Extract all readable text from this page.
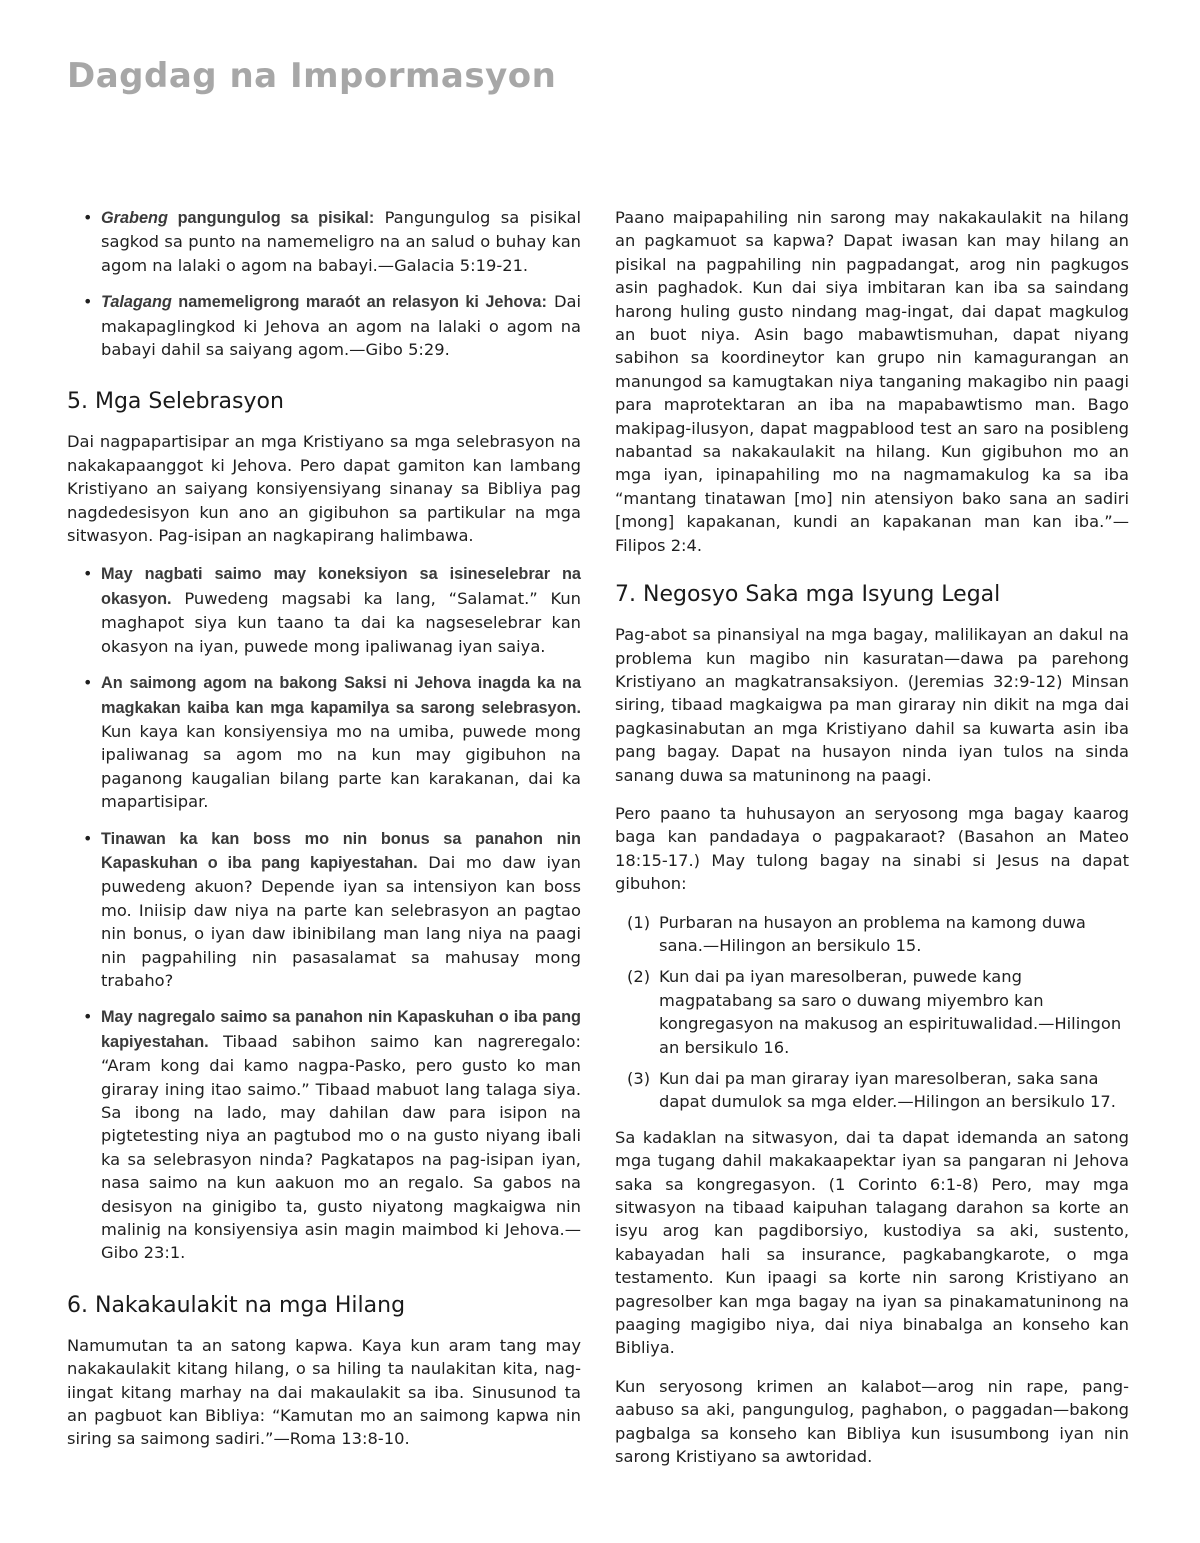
Dagdag na Impormasyon
• Grabeng pangungulog sa pisikal: Pangungulog sa pisikal sagkod sa punto na namemeligro na an salud o buhay kan agom na lalaki o agom na babayi.—Galacia 5:19-21.
• Talagang namemeligrong maraót an relasyon ki Jehova: Dai makapaglingkod ki Jehova an agom na lalaki o agom na babayi dahil sa saiyang agom.—Gibo 5:29.
5. Mga Selebrasyon

Dai nagpapartisipar an mga Kristiyano sa mga selebrasyon na nakakapaanggot ki Jehova. Pero dapat gamiton kan lambang Kristiyano an saiyang konsiyensiyang sinanay sa Bibliya pag nagdedesisyon kun ano an gigibuhon sa partikular na mga sitwasyon. Pag-isipan an nagkapirang halimbawa.

• May nagbati saimo may koneksiyon sa isineselebrar na okasyon. Puwedeng magsabi ka lang, “Salamat.” Kun maghapot siya kun taano ta dai ka nagseselebrar kan okasyon na iyan, puwede mong ipaliwanag iyan saiya.
• An saimong agom na bakong Saksi ni Jehova inagda ka na magkakan kaiba kan mga kapamilya sa sarong selebrasyon. Kun kaya kan konsiyensiya mo na umiba, puwede mong ipaliwanag sa agom mo na kun may gigibuhon na paganong kaugalian bilang parte kan karakanan, dai ka mapartisipar.
• Tinawan ka kan boss mo nin bonus sa panahon nin Kapaskuhan o iba pang kapiyestahan. Dai mo daw iyan puwedeng akuon? Depende iyan sa intensiyon kan boss mo. Iniisip daw niya na parte kan selebrasyon an pagtao nin bonus, o iyan daw ibinibilang man lang niya na paagi nin pagpahiling nin pasasalamat sa mahusay mong trabaho?
• May nagregalo saimo sa panahon nin Kapaskuhan o iba pang kapiyestahan. Tibaad sabihon saimo kan nagreregalo: “Aram kong dai kamo nagpa-Pasko, pero gusto ko man giraray ining itao saimo.” Tibaad mabuot lang talaga siya. Sa ibong na lado, may dahilan daw para isipon na pigtetesting niya an pagtubod mo o na gusto niyang ibali ka sa selebrasyon ninda? Pagkatapos na pag-isipan iyan, nasa saimo na kun aakuon mo an regalo. Sa gabos na desisyon na ginigibo ta, gusto niyatong magkaigwa nin malinig na konsiyensiya asin magin maimbod ki Jehova.—Gibo 23:1.
6. Nakakaulakit na mga Hilang

Namumutan ta an satong kapwa. Kaya kun aram tang may nakakaulakit kitang hilang, o sa hiling ta naulakitan kita, nag-iingat kitang marhay na dai makaulakit sa iba. Sinusunod ta an pagbuot kan Bibliya: “Kamutan mo an saimong kapwa nin siring sa saimong sadiri.”—Roma 13:8-10.

Paano maipapahiling nin sarong may nakakaulakit na hilang an pagkamuot sa kapwa? Dapat iwasan kan may hilang an pisikal na pagpahiling nin pagpadangat, arog nin pagkugos asin paghadok. Kun dai siya imbitaran kan iba sa saindang harong huling gusto nindang mag-ingat, dai dapat magkulog an buot niya. Asin bago mabawtismuhan, dapat niyang sabihon sa koordineytor kan grupo nin kamagurangan an manungod sa kamugtakan niya tanganing makagibo nin paagi para maprotektaran an iba na mapabawtismo man. Bago makipag-ilusyon, dapat magpablood test an saro na posibleng nabantad sa nakakaulakit na hilang. Kun gigibuhon mo an mga iyan, ipinapahiling mo na nagmamakulog ka sa iba “mantang tinatawan [mo] nin atensiyon bako sana an sadiri [mong] kapakanan, kundi an kapakanan man kan iba.”—Filipos 2:4.

7. Negosyo Saka mga Isyung Legal

Pag-abot sa pinansiyal na mga bagay, malilikayan an dakul na problema kun magibo nin kasuratan—dawa pa parehong Kristiyano an magkatransaksiyon. (Jeremias 32:9-12) Minsan siring, tibaad magkaigwa pa man giraray nin dikit na mga dai pagkasinabutan an mga Kristiyano dahil sa kuwarta asin iba pang bagay. Dapat na husayon ninda iyan tulos na sinda sanang duwa sa matuninong na paagi.

Pero paano ta huhusayon an seryosong mga bagay kaarog baga kan pandadaya o pagpakaraot? (Basahon an Mateo 18:15-17.) May tulong bagay na sinabi si Jesus na dapat gibuhon:

(1) Purbaran na husayon an problema na kamong duwa sana.—Hilingon an bersikulo 15.
(2) Kun dai pa iyan maresolberan, puwede kang magpatabang sa saro o duwang miyembro kan kongregasyon na makusog an espirituwalidad.—Hilingon an bersikulo 16.
(3) Kun dai pa man giraray iyan maresolberan, saka sana dapat dumulok sa mga elder.—Hilingon an bersikulo 17.

Sa kadaklan na sitwasyon, dai ta dapat idemanda an satong mga tugang dahil makakaapektar iyan sa pangaran ni Jehova saka sa kongregasyon. (1 Corinto 6:1-8) Pero, may mga sitwasyon na tibaad kaipuhan talagang darahon sa korte an isyu arog kan pagdiborsiyo, kustodiya sa aki, sustento, kabayadan hali sa insurance, pagkabangkarote, o mga testamento. Kun ipaagi sa korte nin sarong Kristiyano an pagresolber kan mga bagay na iyan sa pinakamatuninong na paaging magigibo niya, dai niya binabalga an konseho kan Bibliya.

Kun seryosong krimen an kalabot—arog nin rape, pang-aabuso sa aki, pangungulog, paghabon, o paggadan—bakong pagbalga sa konseho kan Bibliya kun isusumbong iyan nin sarong Kristiyano sa awtoridad.
